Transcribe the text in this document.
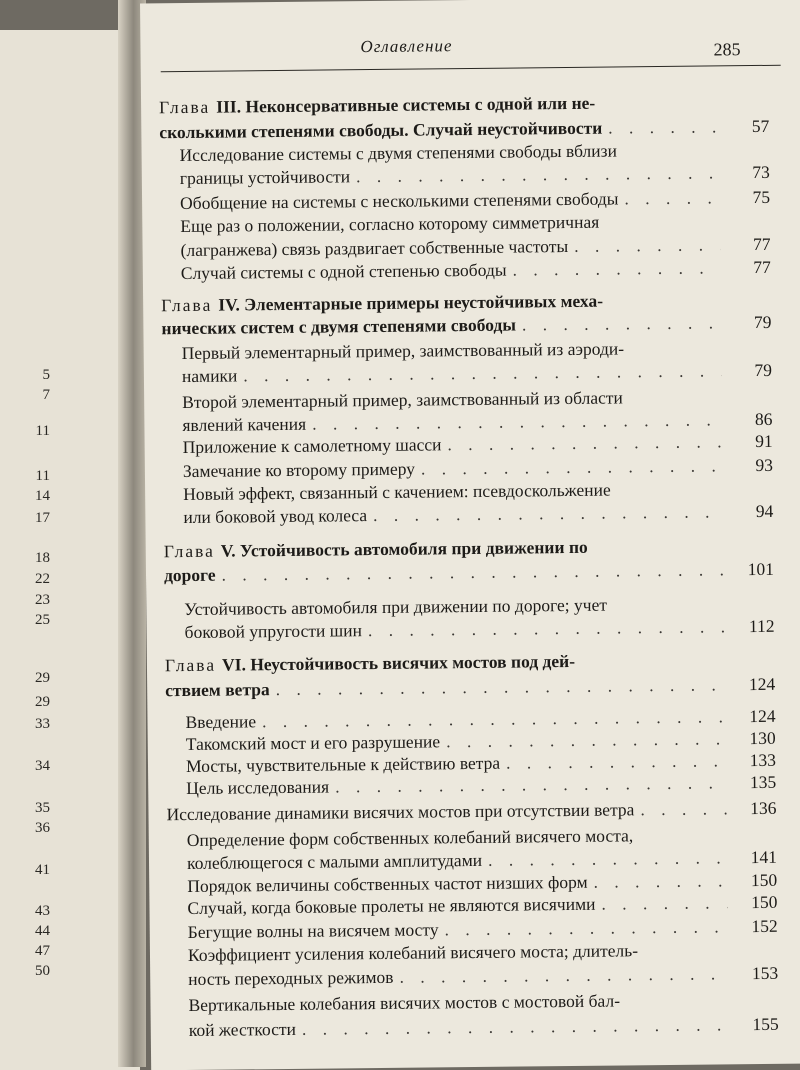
5
7
11
11
14
17
18
22
23
25
29
29
33
34
35
36
41
43
44
47
50
Оглавление	285
Глава III. Неконсервативные системы с одной или не-
сколькими степенями свободы. Случай неустойчивости . . .	57
Исследование системы с двумя степенями свободы вблизи
границы устойчивости . . .	73
Обобщение на системы с несколькими степенями свободы . . .	75
Еще раз о положении, согласно которому симметричная
(лагранжева) связь раздвигает собственные частоты . . .	77
Случай системы с одной степенью свободы . . .	77
Глава IV. Элементарные примеры неустойчивых меха-
нических систем с двумя степенями свободы . . .	79
Первый элементарный пример, заимствованный из аэроди-
намики . . .	79
Второй элементарный пример, заимствованный из области
явлений качения . . .	86
Приложение к самолетному шасси . . .	91
Замечание ко второму примеру . . .	93
Новый эффект, связанный с качением: псевдоскольжение
или боковой увод колеса . . .	94
Глава V. Устойчивость автомобиля при движении по
дороге . . .	101
Устойчивость автомобиля при движении по дороге; учет
боковой упругости шин . . .	112
Глава VI. Неустойчивость висячих мостов под дей-
ствием ветра . . .	124
Введение . . .	124
Такомский мост и его разрушение . . .	130
Мосты, чувствительные к действию ветра . . .	133
Цель исследования . . .	135
Исследование динамики висячих мостов при отсутствии ветра . . .	136
Определение форм собственных колебаний висячего моста,
колеблющегося с малыми амплитудами . . .	141
Порядок величины собственных частот низших форм . . .	150
Случай, когда боковые пролеты не являются висячими . . .	150
Бегущие волны на висячем мосту . . .	152
Коэффициент усиления колебаний висячего моста; длитель-
ность переходных режимов . . .	153
Вертикальные колебания висячих мостов с мостовой бал-
кой жесткости . . .	155
